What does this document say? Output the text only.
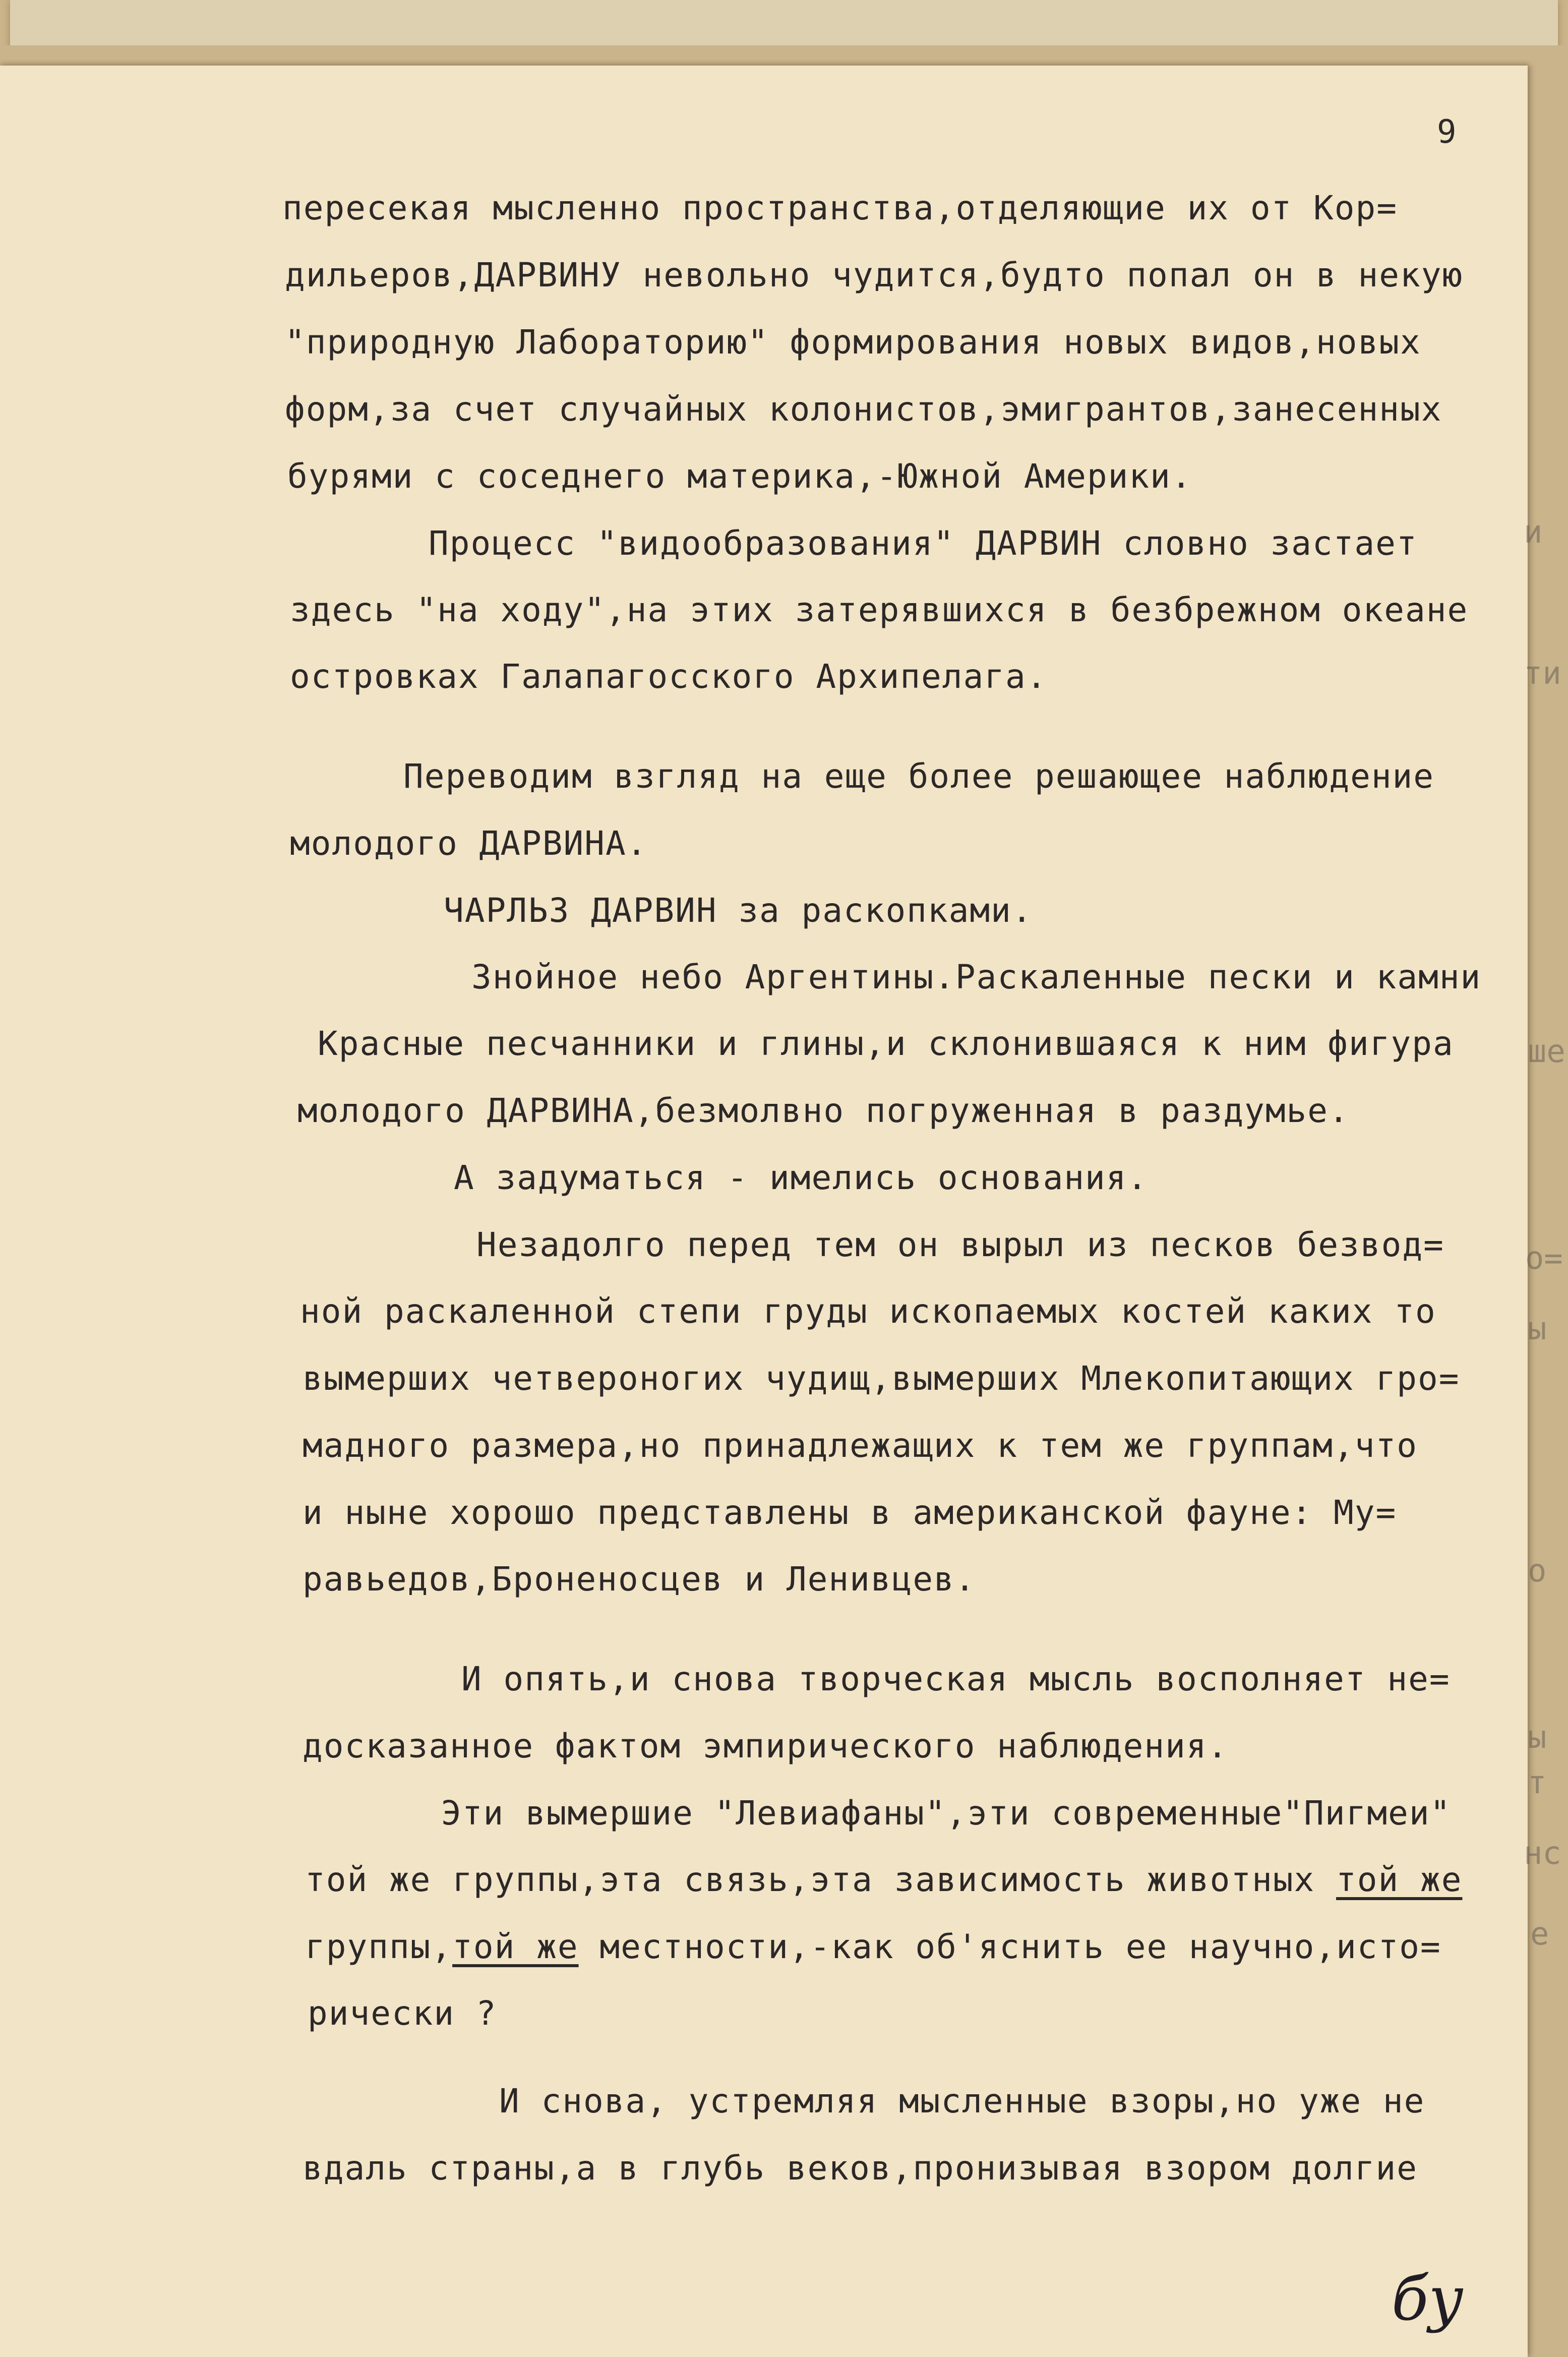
9
пересекая мысленно пространства,отделяющие их от Кор=
дильеров,ДАРВИНУ невольно чудится,будто попал он в некую
"природную Лабораторию" формирования новых видов,новых
форм,за счет случайных колонистов,эмигрантов,занесенных
бурями с соседнего материка,-Южной Америки.
Процесс "видообразования" ДАРВИН словно застает
здесь "на ходу",на этих затерявшихся в безбрежном океане
островках Галапагосского Архипелага.
Переводим взгляд на еще более решающее наблюдение
молодого ДАРВИНА.
ЧАРЛЬЗ ДАРВИН за раскопками.
Знойное небо Аргентины.Раскаленные пески и камни
Красные песчанники и глины,и склонившаяся к ним фигура
молодого ДАРВИНА,безмолвно погруженная в раздумье.
А задуматься - имелись основания.
Незадолго перед тем он вырыл из песков безвод=
ной раскаленной степи груды ископаемых костей каких то
вымерших четвероногих чудищ,вымерших Млекопитающих гро=
мадного размера,но принадлежащих к тем же группам,что
и ныне хорошо представлены в американской фауне: Му=
равьедов,Броненосцев и Ленивцев.
И опять,и снова творческая мысль восполняет не=
досказанное фактом эмпирического наблюдения.
Эти вымершие "Левиафаны",эти современные"Пигмеи"
той же группы,эта связь,эта зависимость животных той же
группы,той же местности,-как об'яснить ее научно,исто=
рически ?
И снова, устремляя мысленные взоры,но уже не
вдаль страны,а в глубь веков,пронизывая взором долгие
бу
и
ти
ше
о=
ы
о
ы
т
нс
е
